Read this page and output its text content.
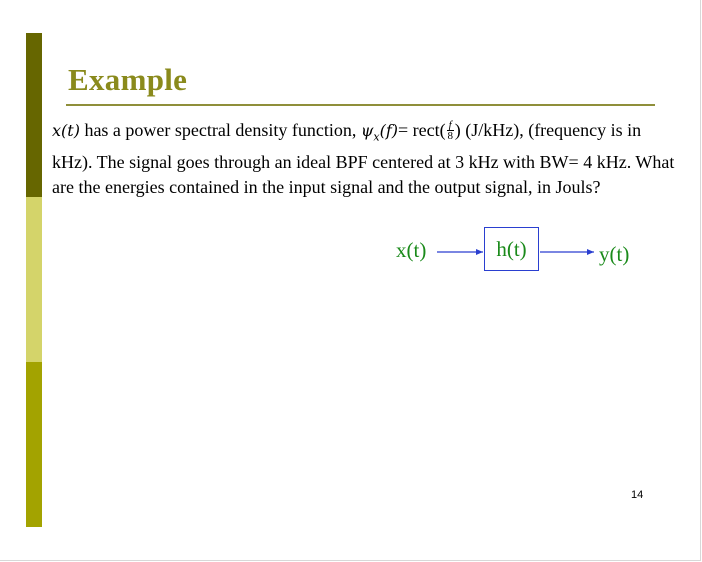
Example

x(t) has a power spectral density function, $\psi_x(f)=$ rect( $\frac{f}{8}$ ) (J/kHz), (frequency is in kHz). The signal goes through an ideal BPF centered at 3 kHz with BW= 4 kHz. What are the energies contained in the input signal and the output signal, in Jouls?

x(t)	h(t)	y(t)
14
